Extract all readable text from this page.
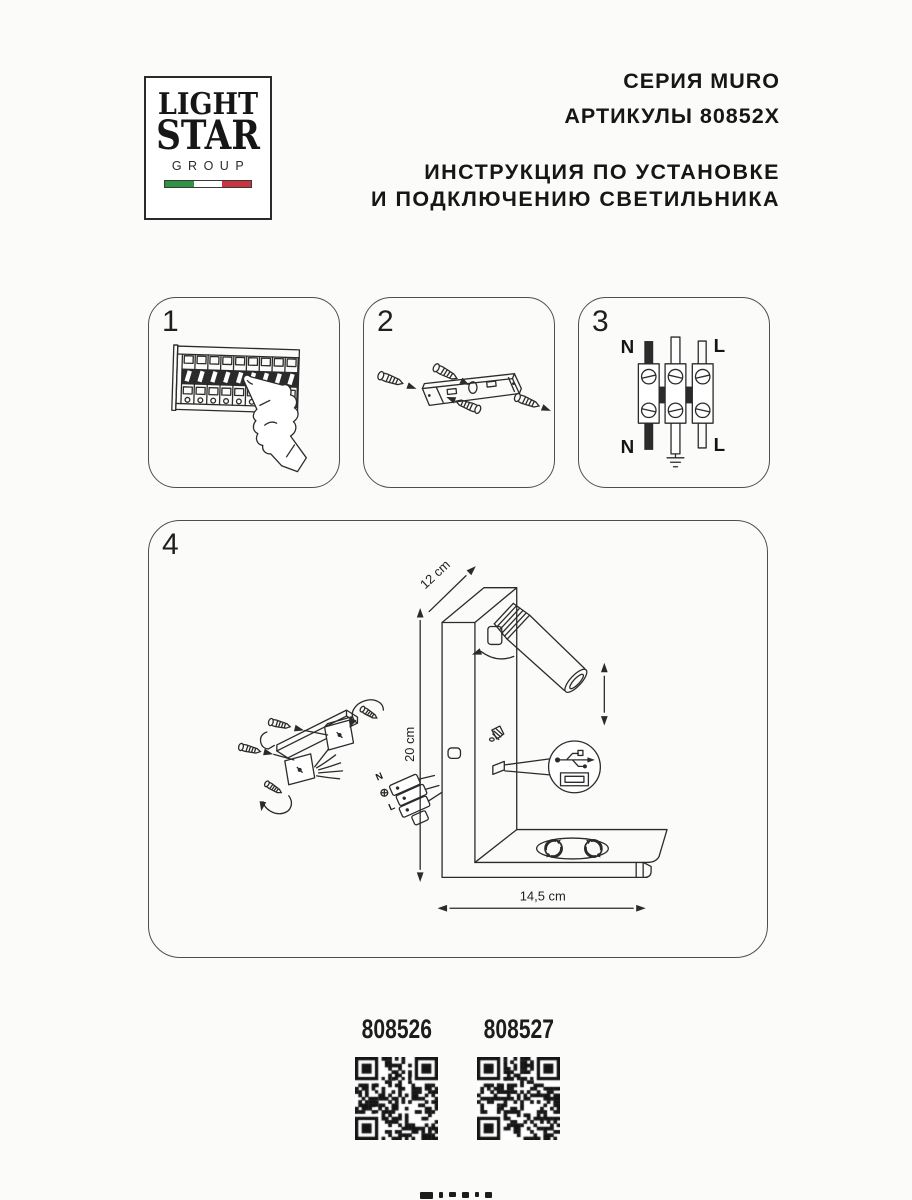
LIGHT
STAR
GROUP
СЕРИЯ MURO
АРТИКУЛЫ 80852X
ИНСТРУКЦИЯ ПО УСТАНОВКЕ
И ПОДКЛЮЧЕНИЮ СВЕТИЛЬНИКА
1	2	3
N	L
N	L
4
N
L
20 cm
12 cm
14,5 cm
808526 808527
